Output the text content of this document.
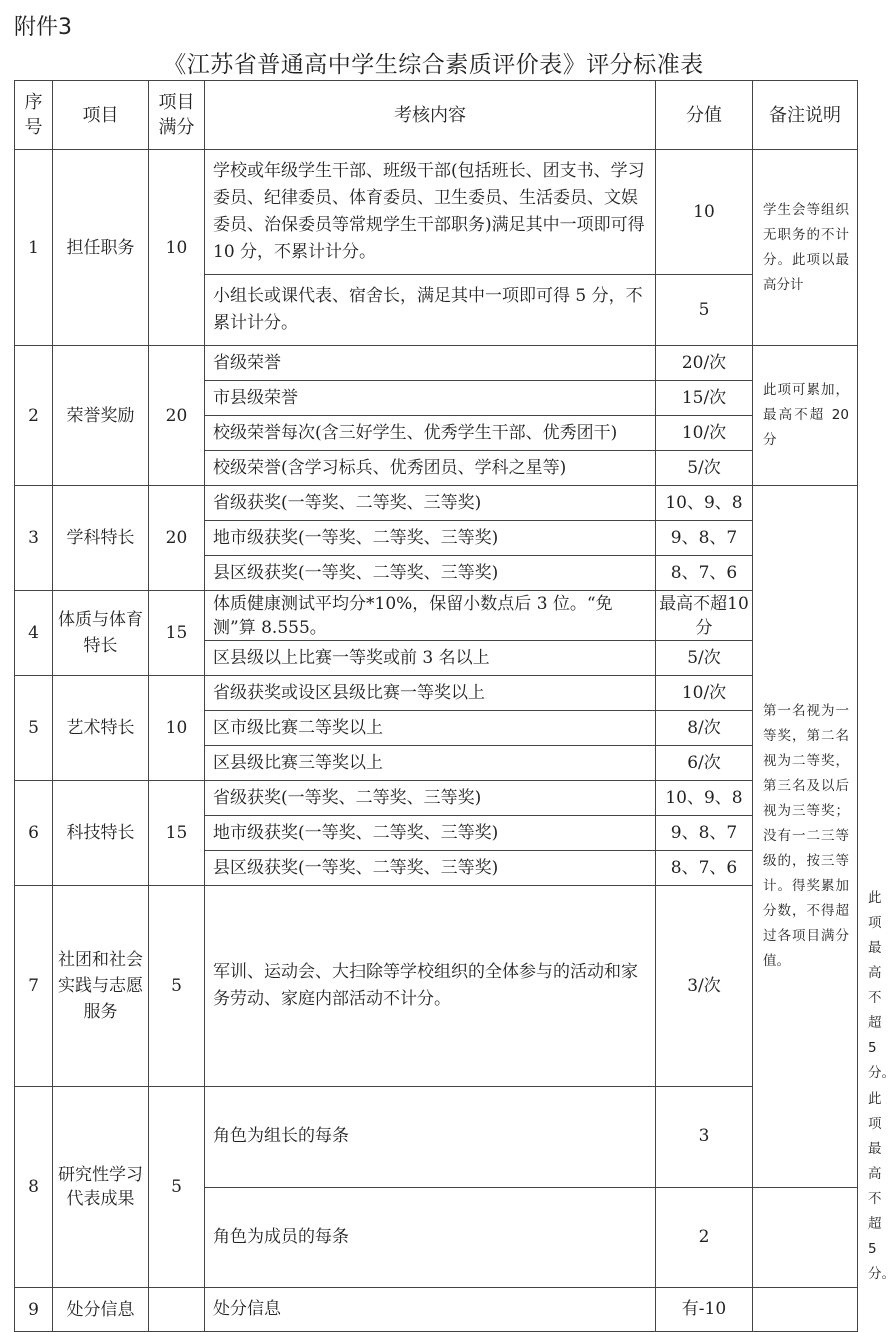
附件3
《江苏省普通高中学生综合素质评价表》评分标准表
序号	项目	项目满分	考核内容	分值	备注说明	
1	担任职务	10	学校或年级学生干部、班级干部(包括班长、团支书、学习委员、纪律委员、体育委员、卫生委员、生活委员、文娱委员、治保委员等常规学生干部职务)满足其中一项即可得 10 分，不累计计分。	10	学生会等组织无职务的不计分。此项以最高分计	
			小组长或课代表、宿舍长，满足其中一项即可得 5 分，不累计计分。	5		
2	荣誉奖励	20	省级荣誉	20/次	此项可累加，最高不超 20 分	
			市县级荣誉	15/次		
			校级荣誉每次(含三好学生、优秀学生干部、优秀团干)	10/次		
			校级荣誉(含学习标兵、优秀团员、学科之星等)	5/次		
3	学科特长	20	省级获奖(一等奖、二等奖、三等奖)	10、9、8	第一名视为一等奖，第二名视为二等奖，第三名及以后视为三等奖；没有一二三等级的，按三等计。得奖累加分数，不得超过各项目满分值。	
			地市级获奖(一等奖、二等奖、三等奖)	9、8、7		
			县区级获奖(一等奖、二等奖、三等奖)	8、7、6		
4	体质与体育特长	15	体质健康测试平均分*10%，保留小数点后 3 位。“免测”算 8.555。	最高不超10 分		
			区县级以上比赛一等奖或前 3 名以上	5/次		
5	艺术特长	10	省级获奖或设区县级比赛一等奖以上	10/次		
			区市级比赛二等奖以上	8/次		
			区县级比赛三等奖以上	6/次		
6	科技特长	15	省级获奖(一等奖、二等奖、三等奖)	10、9、8		
			地市级获奖(一等奖、二等奖、三等奖)	9、8、7		
			县区级获奖(一等奖、二等奖、三等奖)	8、7、6		
7	社团和社会实践与志愿服务	5	军训、运动会、大扫除等学校组织的全体参与的活动和家务劳动、家庭内部活动不计分。	3/次		此项最高不超 5 分。
8	研究性学习代表成果	5	角色为组长的每条	3		此项最高不超 5 分。
			角色为成员的每条	2		
9	处分信息		处分信息	有-10		
